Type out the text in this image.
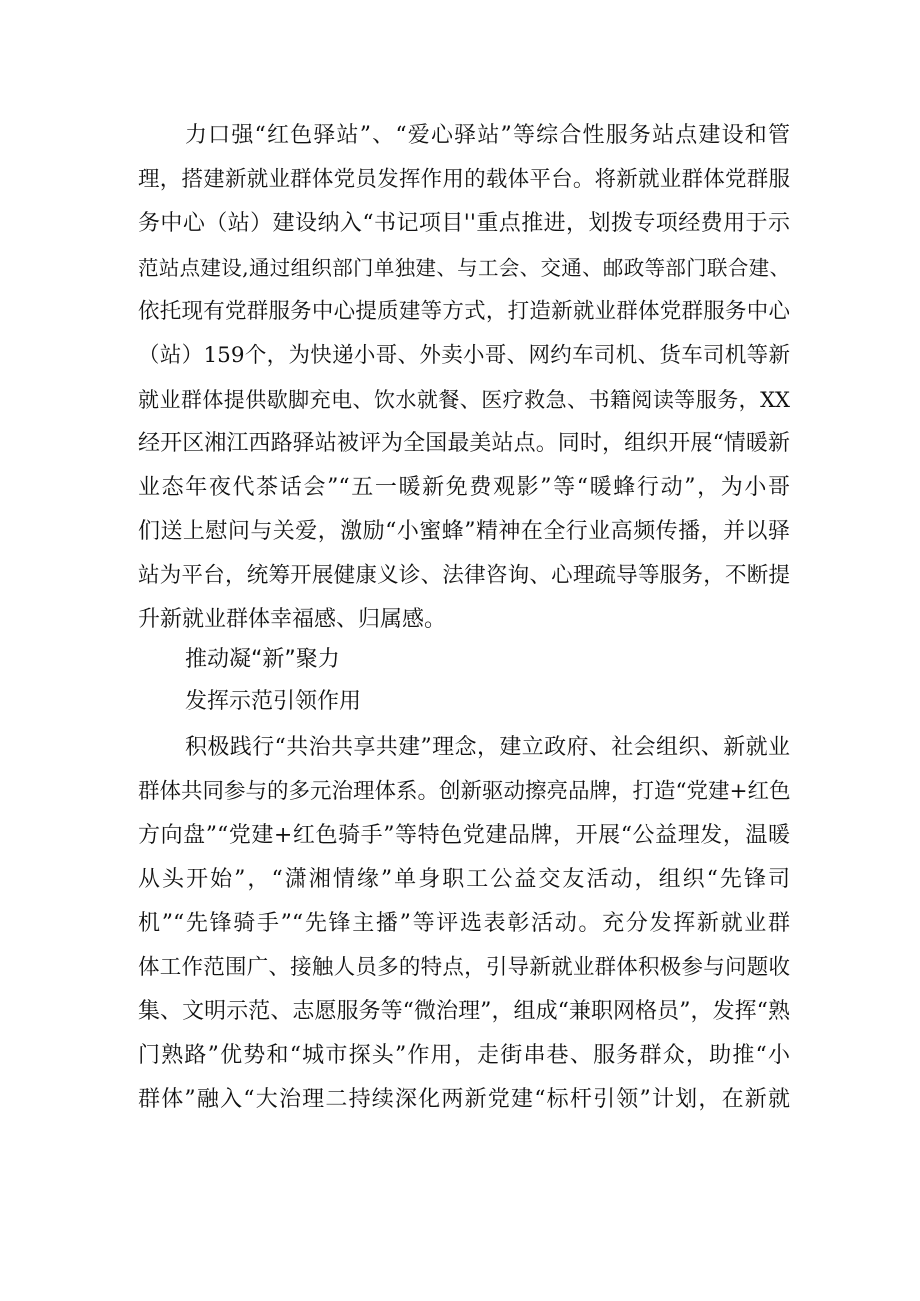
力口强“红色驿站”、“爱心驿站”等综合性服务站点建设和管
理，搭建新就业群体党员发挥作用的载体平台。将新就业群体党群服
务中心（站）建设纳入“书记项目''重点推进，划拨专项经费用于示
范站点建设,通过组织部门单独建、与工会、交通、邮政等部门联合建、
依托现有党群服务中心提质建等方式，打造新就业群体党群服务中心
（站）159个，为快递小哥、外卖小哥、网约车司机、货车司机等新
就业群体提供歇脚充电、饮水就餐、医疗救急、书籍阅读等服务，XX
经开区湘江西路驿站被评为全国最美站点。同时，组织开展“情暖新
业态年夜代茶话会”“五一暖新免费观影”等“暖蜂行动”，为小哥
们送上慰问与关爱，激励“小蜜蜂”精神在全行业高频传播，并以驿
站为平台，统筹开展健康义诊、法律咨询、心理疏导等服务，不断提
升新就业群体幸福感、归属感。
推动凝“新”聚力
发挥示范引领作用
积极践行“共治共享共建”理念，建立政府、社会组织、新就业
群体共同参与的多元治理体系。创新驱动擦亮品牌，打造“党建+红色
方向盘”“党建+红色骑手”等特色党建品牌，开展“公益理发，温暖
从头开始”，“潇湘情缘”单身职工公益交友活动，组织“先锋司
机”“先锋骑手”“先锋主播”等评选表彰活动。充分发挥新就业群
体工作范围广、接触人员多的特点，引导新就业群体积极参与问题收
集、文明示范、志愿服务等“微治理”，组成“兼职网格员”，发挥“熟
门熟路”优势和“城市探头”作用，走街串巷、服务群众，助推“小
群体”融入“大治理二持续深化两新党建“标杆引领”计划，在新就
